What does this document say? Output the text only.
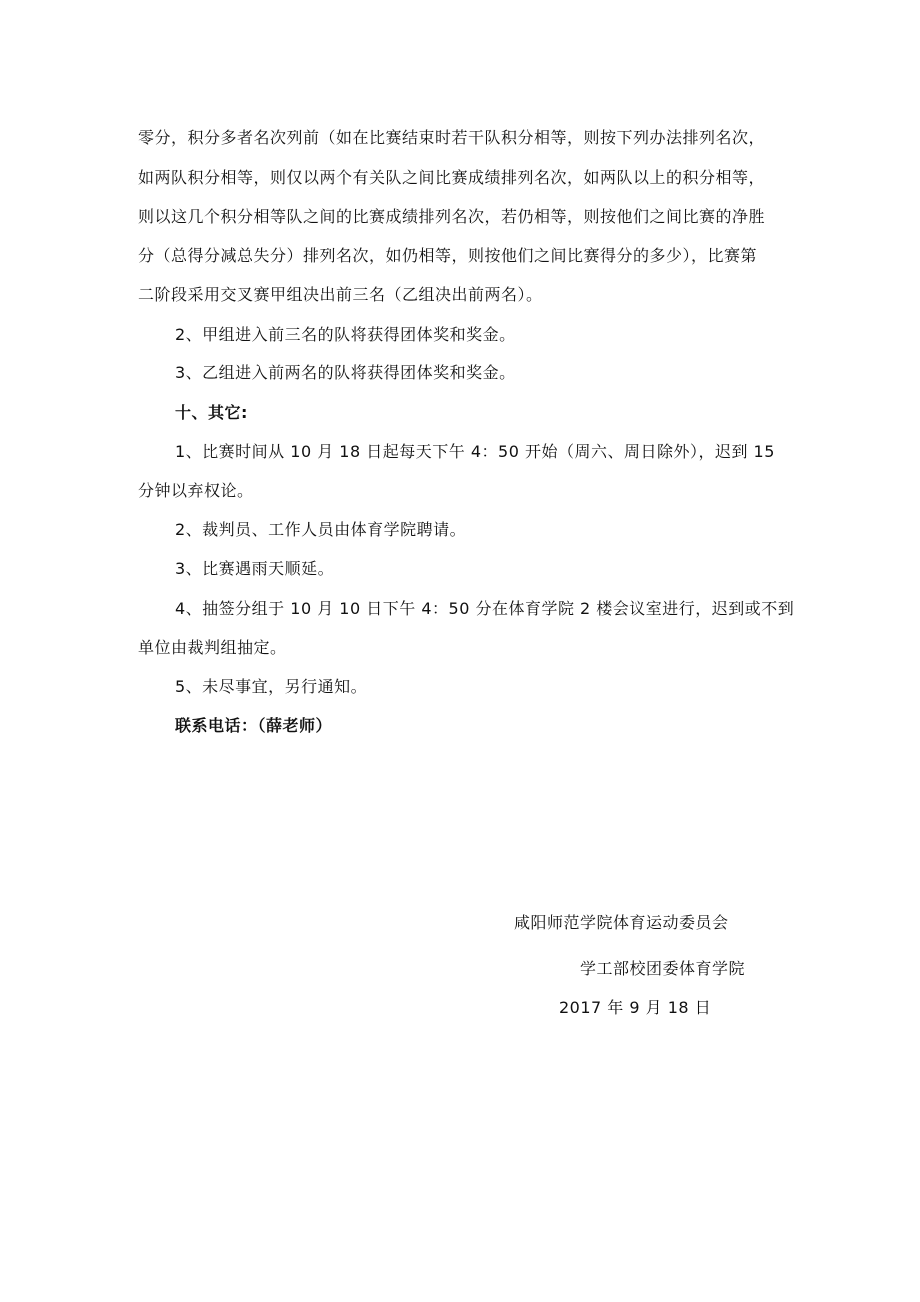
零分，积分多者名次列前（如在比赛结束时若干队积分相等，则按下列办法排列名次，
如两队积分相等，则仅以两个有关队之间比赛成绩排列名次，如两队以上的积分相等，
则以这几个积分相等队之间的比赛成绩排列名次，若仍相等，则按他们之间比赛的净胜
分（总得分减总失分）排列名次，如仍相等，则按他们之间比赛得分的多少），比赛第
二阶段采用交叉赛甲组决出前三名（乙组决出前两名）。
2、甲组进入前三名的队将获得团体奖和奖金。
3、乙组进入前两名的队将获得团体奖和奖金。
十、其它:
1、比赛时间从 10 月 18 日起每天下午 4：50 开始（周六、周日除外），迟到 15
分钟以弃权论。
2、裁判员、工作人员由体育学院聘请。
3、比赛遇雨天顺延。
4、抽签分组于 10 月 10 日下午 4：50 分在体育学院 2 楼会议室进行，迟到或不到
单位由裁判组抽定。
5、未尽事宜，另行通知。
联系电话：（薛老师）
咸阳师范学院体育运动委员会
学工部校团委体育学院
2017 年 9 月 18 日
